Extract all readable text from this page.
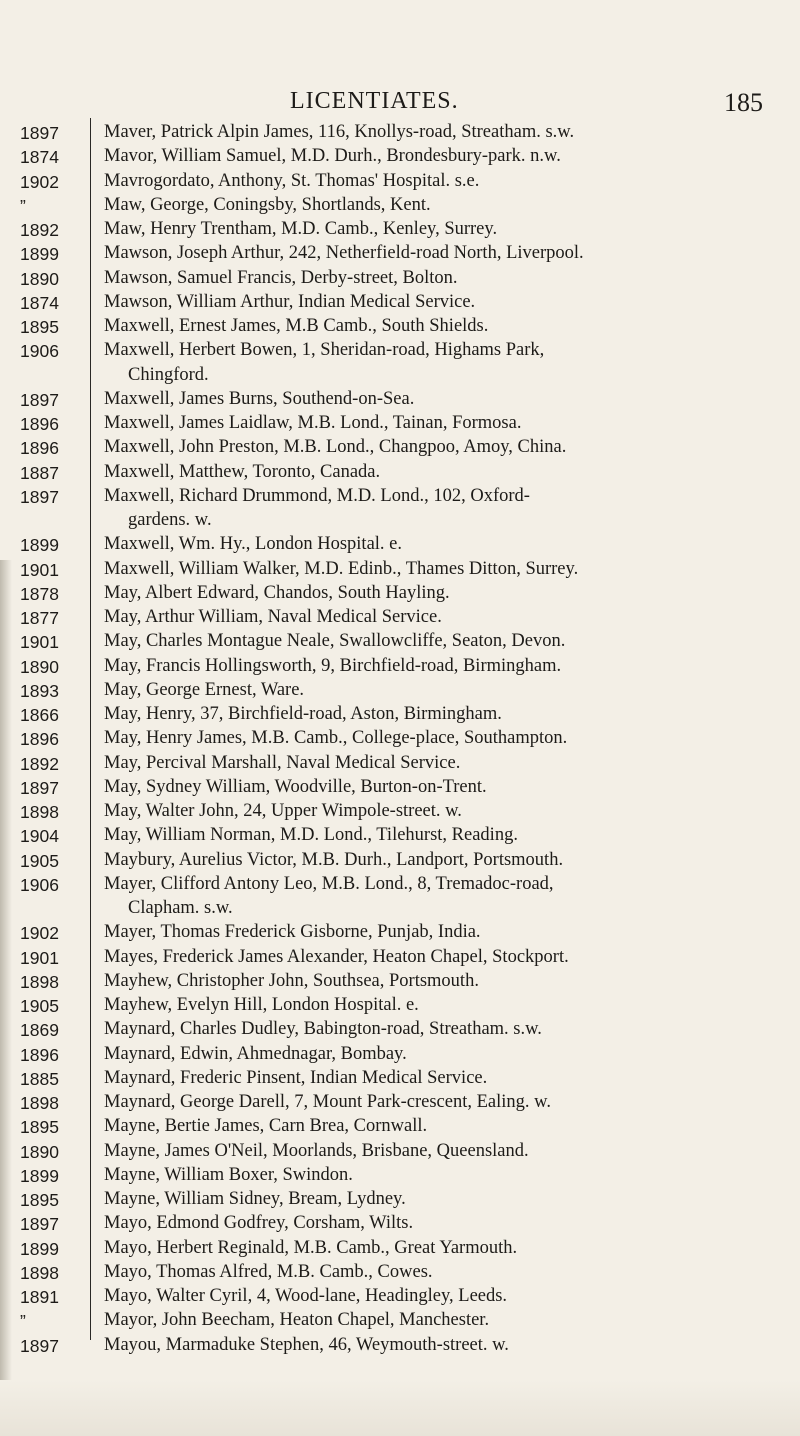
LICENTIATES.	185
1897 Maver, Patrick Alpin James, 116, Knollys-road, Streatham. s.w.
1874 Mavor, William Samuel, M.D. Durh., Brondesbury-park. n.w.
1902 Mavrogordato, Anthony, St. Thomas' Hospital. s.e.
”	Maw, George, Coningsby, Shortlands, Kent.
1892 Maw, Henry Trentham, M.D. Camb., Kenley, Surrey.
1899 Mawson, Joseph Arthur, 242, Netherfield-road North, Liverpool.
1890 Mawson, Samuel Francis, Derby-street, Bolton.
1874 Mawson, William Arthur, Indian Medical Service.
1895 Maxwell, Ernest James, M.B Camb., South Shields.
1906 Maxwell, Herbert Bowen, 1, Sheridan-road, Highams Park,
Chingford.
1897 Maxwell, James Burns, Southend-on-Sea.
1896 Maxwell, James Laidlaw, M.B. Lond., Tainan, Formosa.
1896 Maxwell, John Preston, M.B. Lond., Changpoo, Amoy, China.
1887 Maxwell, Matthew, Toronto, Canada.
1897 Maxwell, Richard Drummond, M.D. Lond., 102, Oxford-
gardens. w.
1899 Maxwell, Wm. Hy., London Hospital. e.
1901 Maxwell, William Walker, M.D. Edinb., Thames Ditton, Surrey.
1878 May, Albert Edward, Chandos, South Hayling.
1877 May, Arthur William, Naval Medical Service.
1901 May, Charles Montague Neale, Swallowcliffe, Seaton, Devon.
1890 May, Francis Hollingsworth, 9, Birchfield-road, Birmingham.
1893 May, George Ernest, Ware.
1866 May, Henry, 37, Birchfield-road, Aston, Birmingham.
1896 May, Henry James, M.B. Camb., College-place, Southampton.
1892 May, Percival Marshall, Naval Medical Service.
1897 May, Sydney William, Woodville, Burton-on-Trent.
1898 May, Walter John, 24, Upper Wimpole-street. w.
1904 May, William Norman, M.D. Lond., Tilehurst, Reading.
1905 Maybury, Aurelius Victor, M.B. Durh., Landport, Portsmouth.
1906 Mayer, Clifford Antony Leo, M.B. Lond., 8, Tremadoc-road,
Clapham. s.w.
1902 Mayer, Thomas Frederick Gisborne, Punjab, India.
1901 Mayes, Frederick James Alexander, Heaton Chapel, Stockport.
1898 Mayhew, Christopher John, Southsea, Portsmouth.
1905 Mayhew, Evelyn Hill, London Hospital. e.
1869 Maynard, Charles Dudley, Babington-road, Streatham. s.w.
1896 Maynard, Edwin, Ahmednagar, Bombay.
1885 Maynard, Frederic Pinsent, Indian Medical Service.
1898 Maynard, George Darell, 7, Mount Park-crescent, Ealing. w.
1895 Mayne, Bertie James, Carn Brea, Cornwall.
1890 Mayne, James O'Neil, Moorlands, Brisbane, Queensland.
1899 Mayne, William Boxer, Swindon.
1895 Mayne, William Sidney, Bream, Lydney.
1897 Mayo, Edmond Godfrey, Corsham, Wilts.
1899 Mayo, Herbert Reginald, M.B. Camb., Great Yarmouth.
1898 Mayo, Thomas Alfred, M.B. Camb., Cowes.
1891 Mayo, Walter Cyril, 4, Wood-lane, Headingley, Leeds.
”	Mayor, John Beecham, Heaton Chapel, Manchester.
1897 Mayou, Marmaduke Stephen, 46, Weymouth-street. w.
